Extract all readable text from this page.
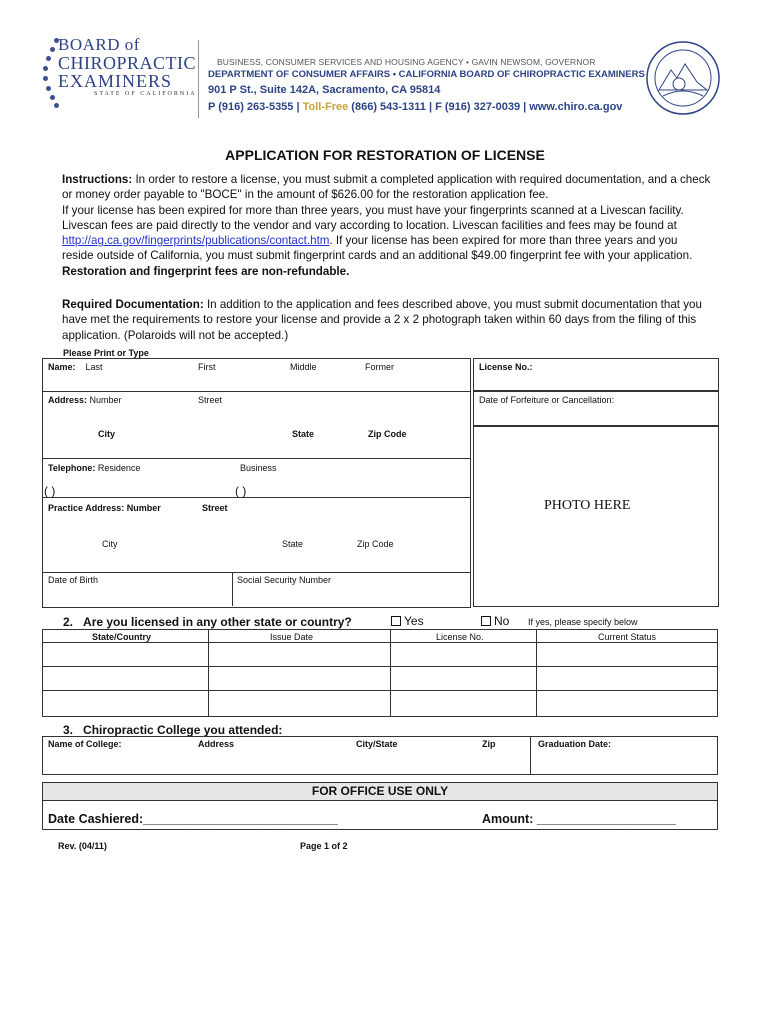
BOARD of
CHIROPRACTIC
EXAMINERS
STATE OF CALIFORNIA
BUSINESS, CONSUMER SERVICES AND HOUSING AGENCY • GAVIN NEWSOM, GOVERNOR
DEPARTMENT OF CONSUMER AFFAIRS • CALIFORNIA BOARD OF CHIROPRACTIC EXAMINERS
901 P St., Suite 142A, Sacramento, CA 95814
P (916) 263-5355 | Toll-Free (866) 543-1311 | F (916) 327-0039 | www.chiro.ca.gov
APPLICATION FOR RESTORATION OF LICENSE
Instructions: In order to restore a license, you must submit a completed application with required documentation, and a check or money order payable to "BOCE" in the amount of $626.00 for the restoration application fee.
If your license has been expired for more than three years, you must have your fingerprints scanned at a Livescan facility. Livescan fees are paid directly to the vendor and vary according to location. Livescan facilities and fees may be found at http://ag.ca.gov/fingerprints/publications/contact.htm. If your license has been expired for more than three years and you reside outside of California, you must submit fingerprint cards and an additional $49.00 fingerprint fee with your application. Restoration and fingerprint fees are non-refundable.
Required Documentation: In addition to the application and fees described above, you must submit documentation that you have met the requirements to restore your license and provide a 2 x 2 photograph taken within 60 days from the filing of this application. (Polaroids will not be accepted.)
Please Print or Type
Name: Last	First	Middle	Former
Address: Number	Street
City	State	Zip Code
Telephone: Residence	Business
( )	( )
Practice Address: Number	Street
City	State	Zip Code
Date of Birth	Social Security Number
License No.:
Date of Forfeiture or Cancellation:
PHOTO HERE
2. Are you licensed in any other state or country?	Yes	No If yes, please specify below
State/Country	Issue Date	License No.	Current Status
3. Chiropractic College you attended:
Name of College:	Address	City/State	Zip	Graduation Date:
FOR OFFICE USE ONLY
Date Cashiered:____________________________	Amount: ____________________
Rev. (04/11)	Page 1 of 2
